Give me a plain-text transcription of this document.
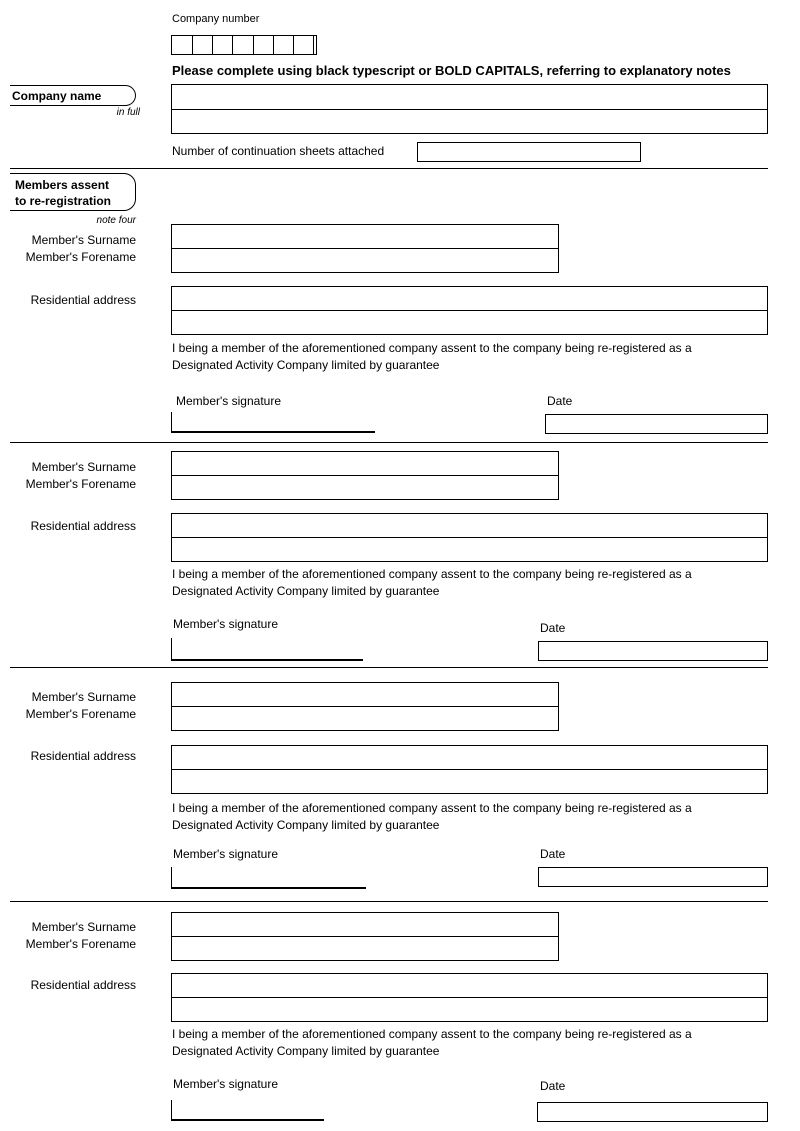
Company number
Please complete using black typescript or BOLD CAPITALS, referring to explanatory notes
Company name
in full
Number of continuation sheets attached
Members assent
to re-registration
note four
Member's Surname
Member's Forename
Residential address
I being a member of the aforementioned company assent to the company being re-registered as a
Designated Activity Company limited by guarantee
Member's signature	Date
Member's Surname
Member's Forename
Residential address
I being a member of the aforementioned company assent to the company being re-registered as a
Designated Activity Company limited by guarantee
Member's signature	Date
Member's Surname
Member's Forename
Residential address
I being a member of the aforementioned company assent to the company being re-registered as a
Designated Activity Company limited by guarantee
Member's signature	Date
Member's Surname
Member's Forename
Residential address
I being a member of the aforementioned company assent to the company being re-registered as a
Designated Activity Company limited by guarantee
Member's signature	Date
